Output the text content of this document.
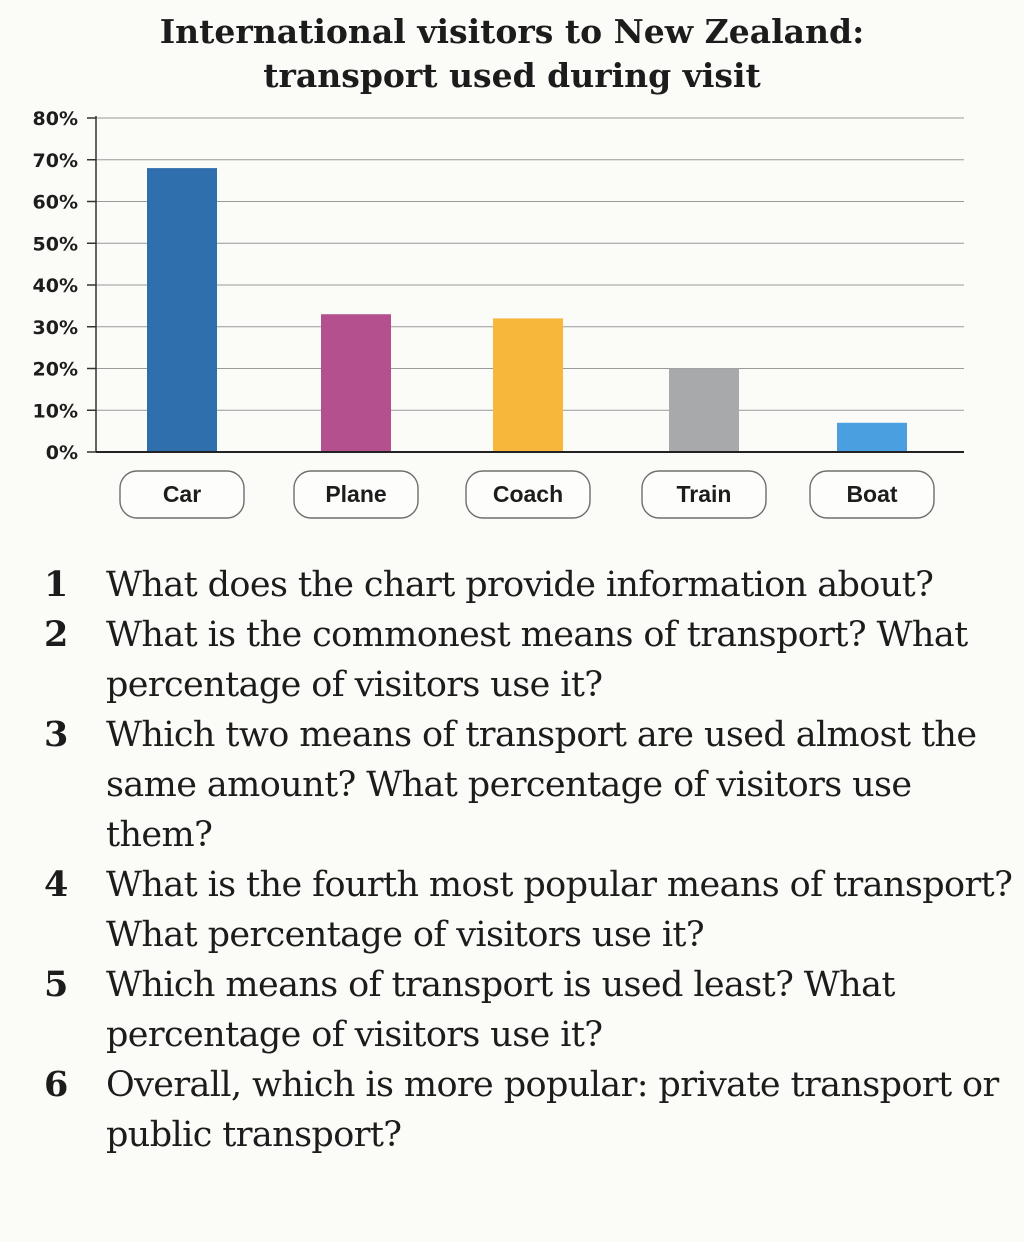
International visitors to New Zealand:
transport used during visit
0%
10%
20%
30%
40%
50%
60%
70%
80%
Car	Plane	Coach	Train	Boat
1	What does the chart provide information about?
2	What is the commonest means of transport? What percentage of visitors use it?
3	Which two means of transport are used almost the same amount? What percentage of visitors use them?
4	What is the fourth most popular means of transport? What percentage of visitors use it?
5	Which means of transport is used least? What percentage of visitors use it?
6	Overall, which is more popular: private transport or public transport?
